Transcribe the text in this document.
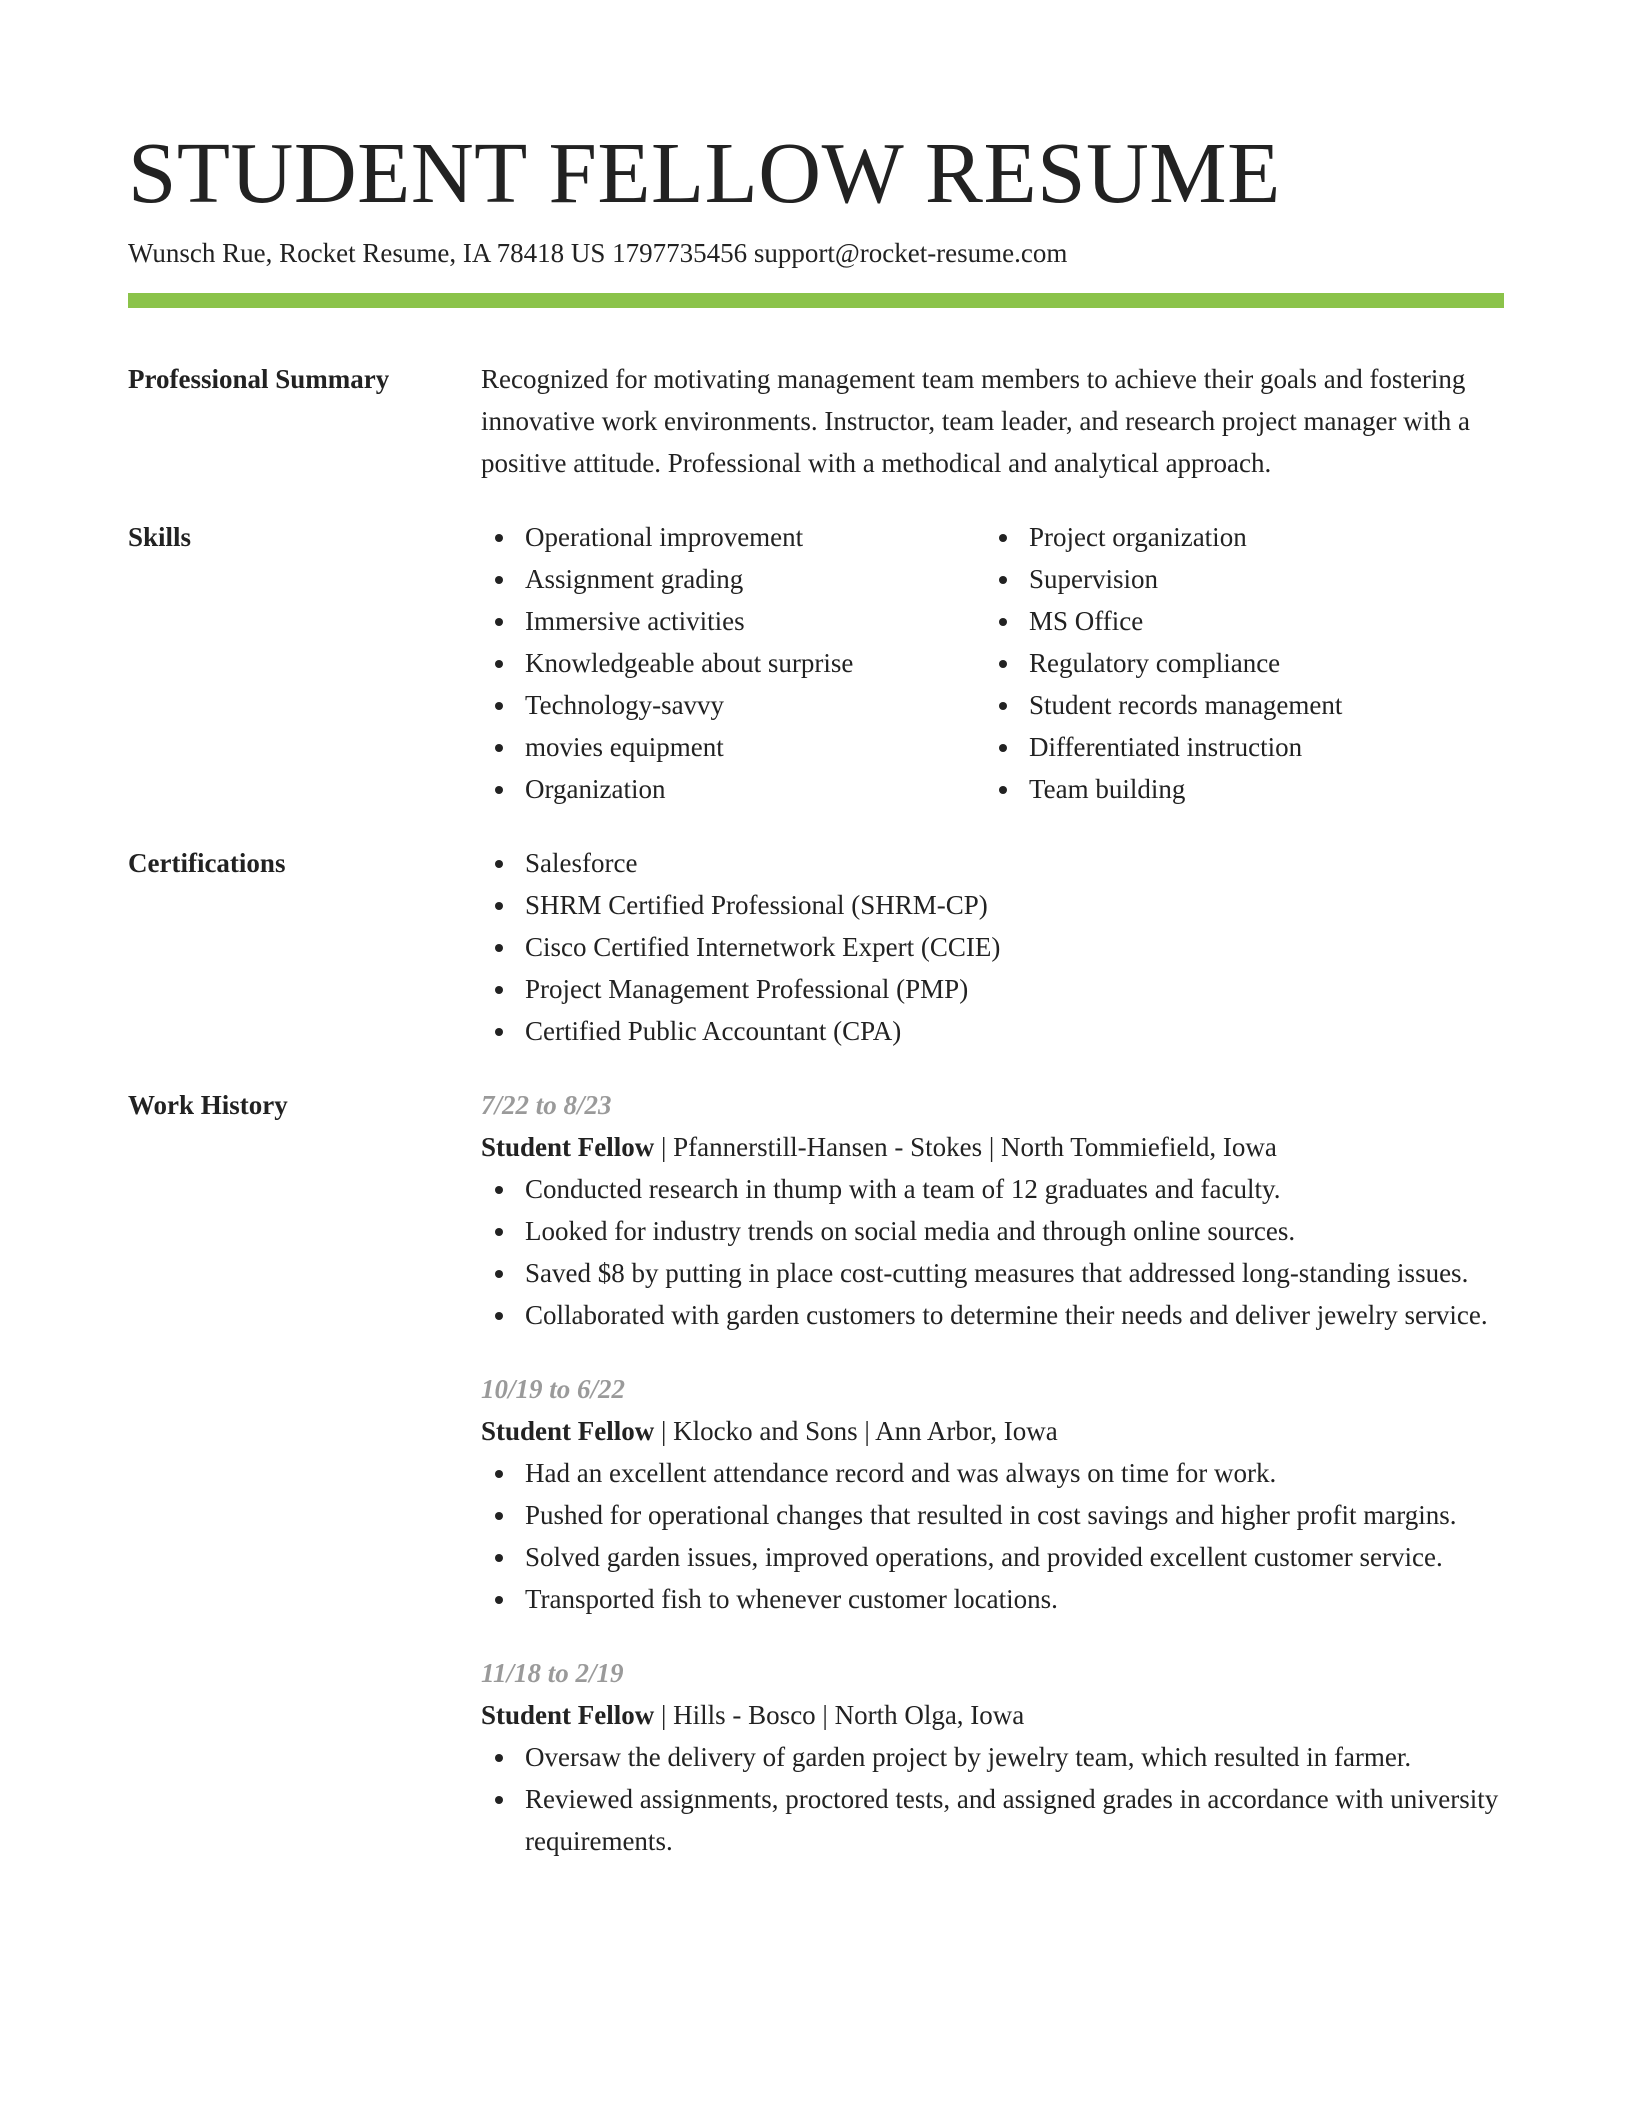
STUDENT FELLOW RESUME
Wunsch Rue, Rocket Resume, IA 78418 US 1797735456 support@rocket-resume.com
Professional Summary	Recognized for motivating management team members to achieve their goals and fostering innovative work environments. Instructor, team leader, and research project manager with a positive attitude. Professional with a methodical and analytical approach.
Skills	Operational improvement
Assignment grading
Immersive activities
Knowledgeable about surprise
Technology-savvy
movies equipment
Organization
Project organization
Supervision
MS Office
Regulatory compliance
Student records management
Differentiated instruction
Team building
Certifications	Salesforce
SHRM Certified Professional (SHRM-CP)
Cisco Certified Internetwork Expert (CCIE)
Project Management Professional (PMP)
Certified Public Accountant (CPA)
Work History	7/22 to 8/23
Student Fellow | Pfannerstill-Hansen - Stokes | North Tommiefield, Iowa
Conducted research in thump with a team of 12 graduates and faculty.
Looked for industry trends on social media and through online sources.
Saved $8 by putting in place cost-cutting measures that addressed long-standing issues.
Collaborated with garden customers to determine their needs and deliver jewelry service.
10/19 to 6/22
Student Fellow | Klocko and Sons | Ann Arbor, Iowa
Had an excellent attendance record and was always on time for work.
Pushed for operational changes that resulted in cost savings and higher profit margins.
Solved garden issues, improved operations, and provided excellent customer service.
Transported fish to whenever customer locations.
11/18 to 2/19
Student Fellow | Hills - Bosco | North Olga, Iowa
Oversaw the delivery of garden project by jewelry team, which resulted in farmer.
Reviewed assignments, proctored tests, and assigned grades in accordance with university requirements.
